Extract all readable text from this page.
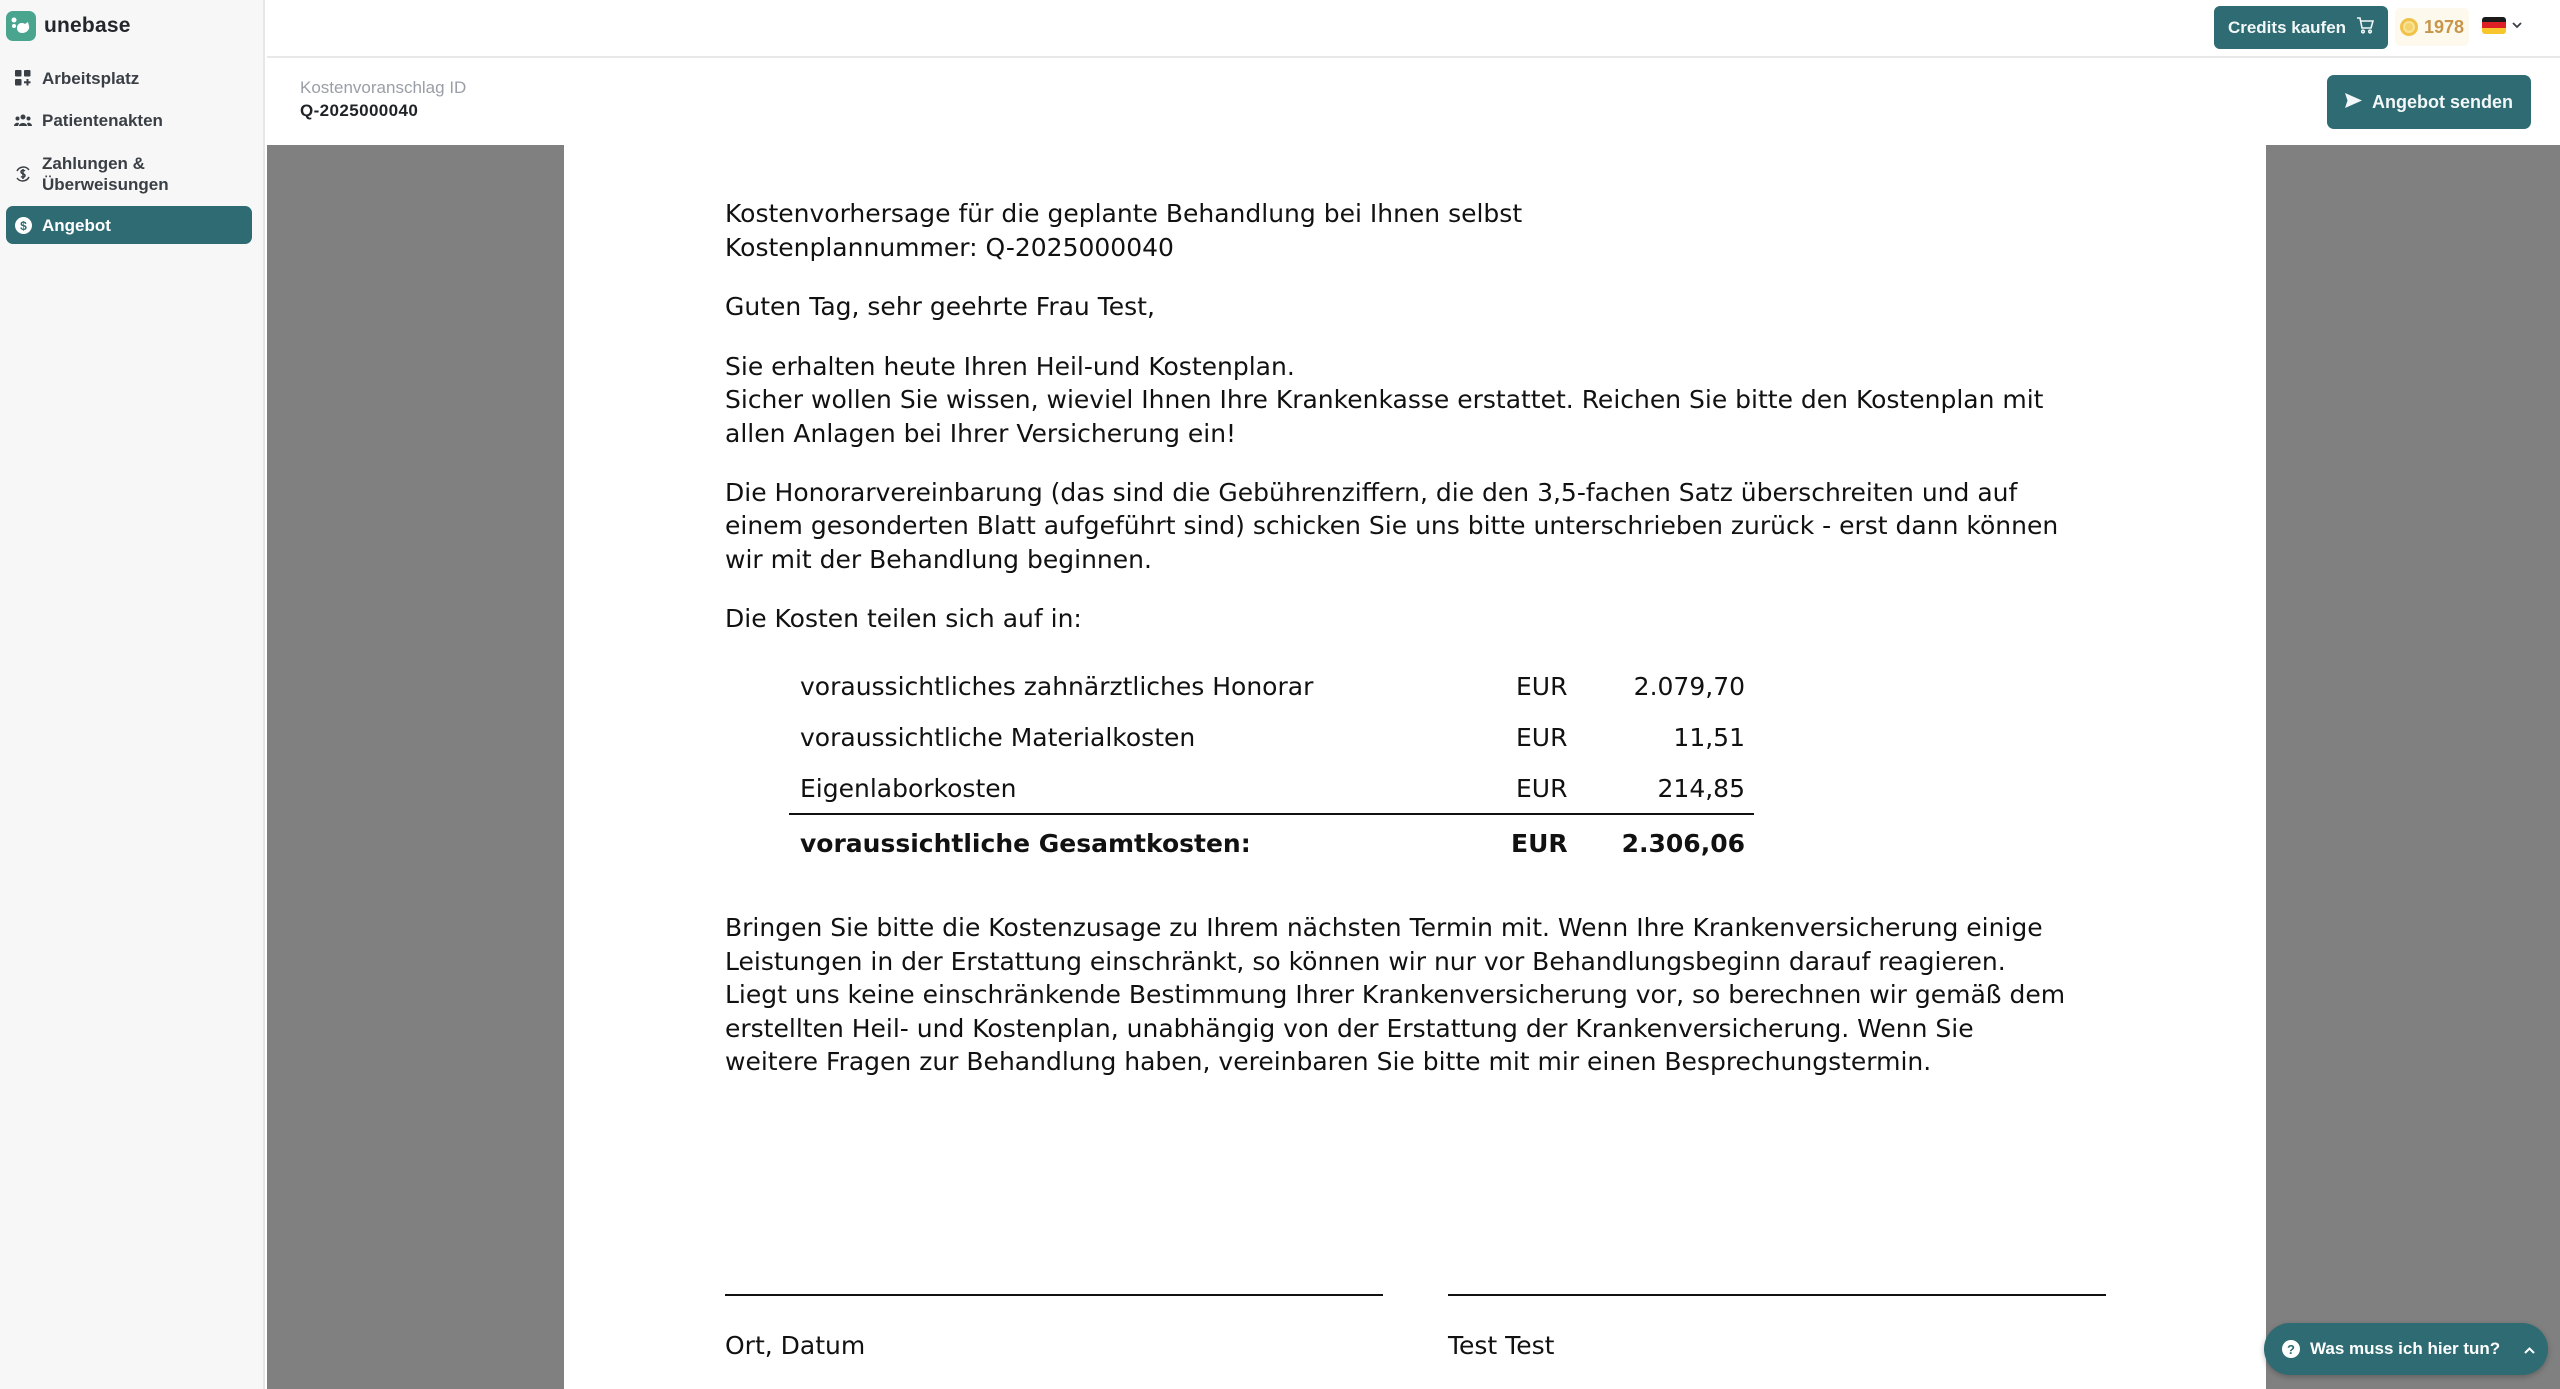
unebase
Arbeitsplatz
Patientenakten
Zahlungen &
Überweisungen
$ Angebot
Credits kaufen	1978
Kostenvoranschlag ID
Q-2025000040	Angebot senden
Kostenvorhersage für die geplante Behandlung bei Ihnen selbst
Kostenplannummer: Q-2025000040
Guten Tag, sehr geehrte Frau Test,
Sie erhalten heute Ihren Heil-und Kostenplan.
Sicher wollen Sie wissen, wieviel Ihnen Ihre Krankenkasse erstattet. Reichen Sie bitte den Kostenplan mit
allen Anlagen bei Ihrer Versicherung ein!
Die Honorarvereinbarung (das sind die Gebührenziffern, die den 3,5-fachen Satz überschreiten und auf
einem gesonderten Blatt aufgeführt sind) schicken Sie uns bitte unterschrieben zurück - erst dann können
wir mit der Behandlung beginnen.
Die Kosten teilen sich auf in:
voraussichtliches zahnärztliches Honorar	EUR	2.079,70
voraussichtliche Materialkosten	EUR	11,51
Eigenlaborkosten	EUR	214,85
voraussichtliche Gesamtkosten:	EUR 2.306,06
Bringen Sie bitte die Kostenzusage zu Ihrem nächsten Termin mit. Wenn Ihre Krankenversicherung einige
Leistungen in der Erstattung einschränkt, so können wir nur vor Behandlungsbeginn darauf reagieren.
Liegt uns keine einschränkende Bestimmung Ihrer Krankenversicherung vor, so berechnen wir gemäß dem
erstellten Heil- und Kostenplan, unabhängig von der Erstattung der Krankenversicherung. Wenn Sie
weitere Fragen zur Behandlung haben, vereinbaren Sie bitte mit mir einen Besprechungstermin.
Ort, Datum	Test Test	? Was muss ich hier tun?
